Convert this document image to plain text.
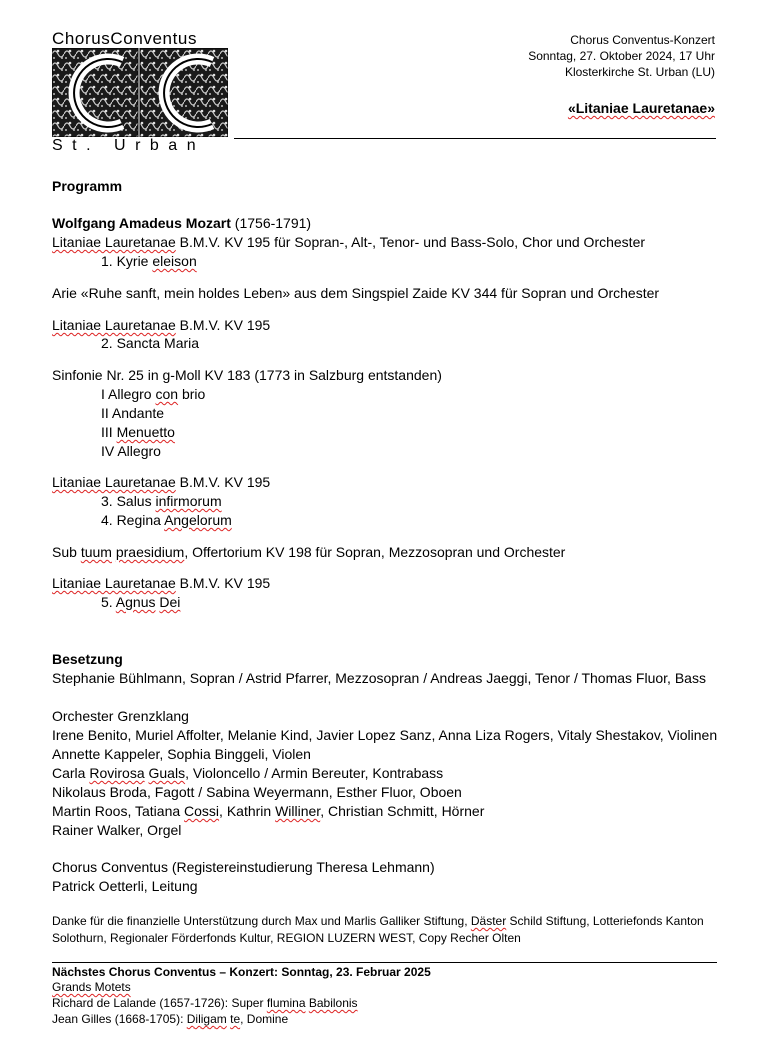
ChorusConventus
St. Urban
Chorus Conventus-Konzert
Sonntag, 27. Oktober 2024, 17 Uhr
Klosterkirche St. Urban (LU)
«Litaniae Lauretanae»
Programm
Wolfgang Amadeus Mozart (1756-1791)
Litaniae Lauretanae B.M.V. KV 195 für Sopran-, Alt-, Tenor- und Bass-Solo, Chor und Orchester
1. Kyrie eleison
Arie «Ruhe sanft, mein holdes Leben» aus dem Singspiel Zaide KV 344 für Sopran und Orchester
Litaniae Lauretanae B.M.V. KV 195
2. Sancta Maria
Sinfonie Nr. 25 in g-Moll KV 183 (1773 in Salzburg entstanden)
I Allegro con brio
II Andante
III Menuetto
IV Allegro
Litaniae Lauretanae B.M.V. KV 195
3. Salus infirmorum
4. Regina Angelorum
Sub tuum praesidium, Offertorium KV 198 für Sopran, Mezzosopran und Orchester
Litaniae Lauretanae B.M.V. KV 195
5. Agnus Dei
Besetzung
Stephanie Bühlmann, Sopran / Astrid Pfarrer, Mezzosopran / Andreas Jaeggi, Tenor / Thomas Fluor, Bass
Orchester Grenzklang
Irene Benito, Muriel Affolter, Melanie Kind, Javier Lopez Sanz, Anna Liza Rogers, Vitaly Shestakov, Violinen
Annette Kappeler, Sophia Binggeli, Violen
Carla Rovirosa Guals, Violoncello / Armin Bereuter, Kontrabass
Nikolaus Broda, Fagott / Sabina Weyermann, Esther Fluor, Oboen
Martin Roos, Tatiana Cossi, Kathrin Williner, Christian Schmitt, Hörner
Rainer Walker, Orgel
Chorus Conventus (Registereinstudierung Theresa Lehmann)
Patrick Oetterli, Leitung
Danke für die finanzielle Unterstützung durch Max und Marlis Galliker Stiftung, Däster Schild Stiftung, Lotteriefonds Kanton
Solothurn, Regionaler Förderfonds Kultur, REGION LUZERN WEST, Copy Recher Olten
Nächstes Chorus Conventus – Konzert: Sonntag, 23. Februar 2025
Grands Motets
Richard de Lalande (1657-1726): Super flumina Babilonis
Jean Gilles (1668-1705): Diligam te, Domine
